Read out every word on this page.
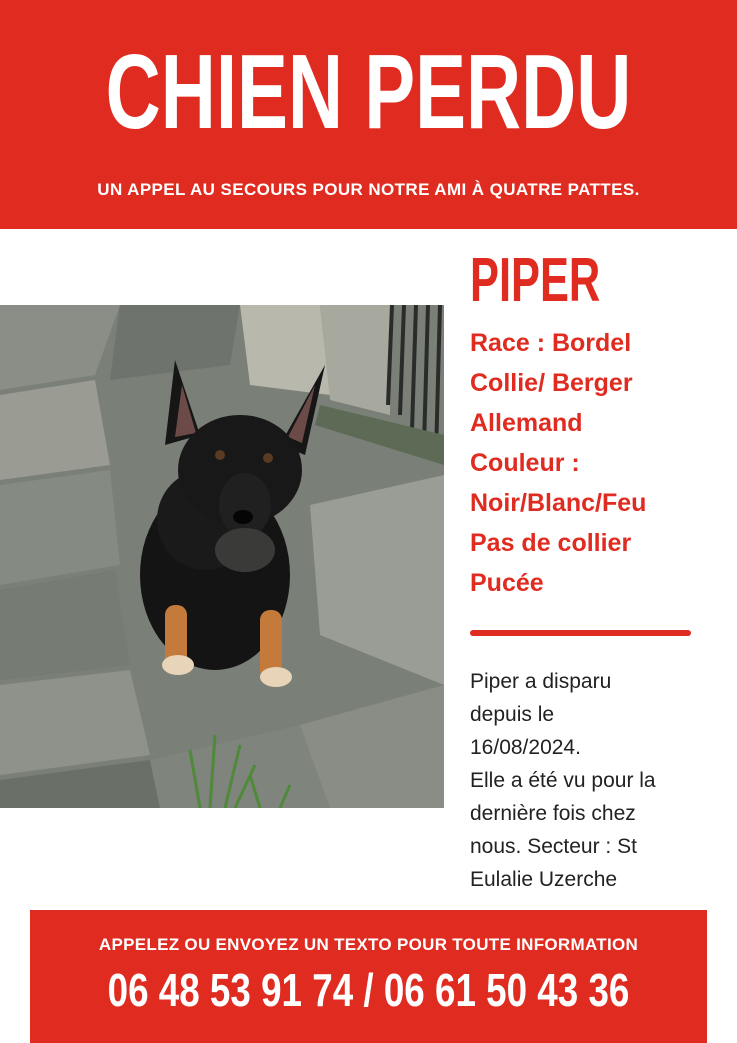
CHIEN PERDU
UN APPEL AU SECOURS POUR NOTRE AMI À QUATRE PATTES.
PIPER
Race : Bordel
Collie/ Berger
Allemand
Couleur :
Noir/Blanc/Feu
Pas de collier
Pucée
Piper a disparu
depuis le
16/08/2024.
Elle a été vu pour la
dernière fois chez
nous. Secteur : St
Eulalie Uzerche
APPELEZ OU ENVOYEZ UN TEXTO POUR TOUTE INFORMATION
06 48 53 91 74 / 06 61 50 43 36
